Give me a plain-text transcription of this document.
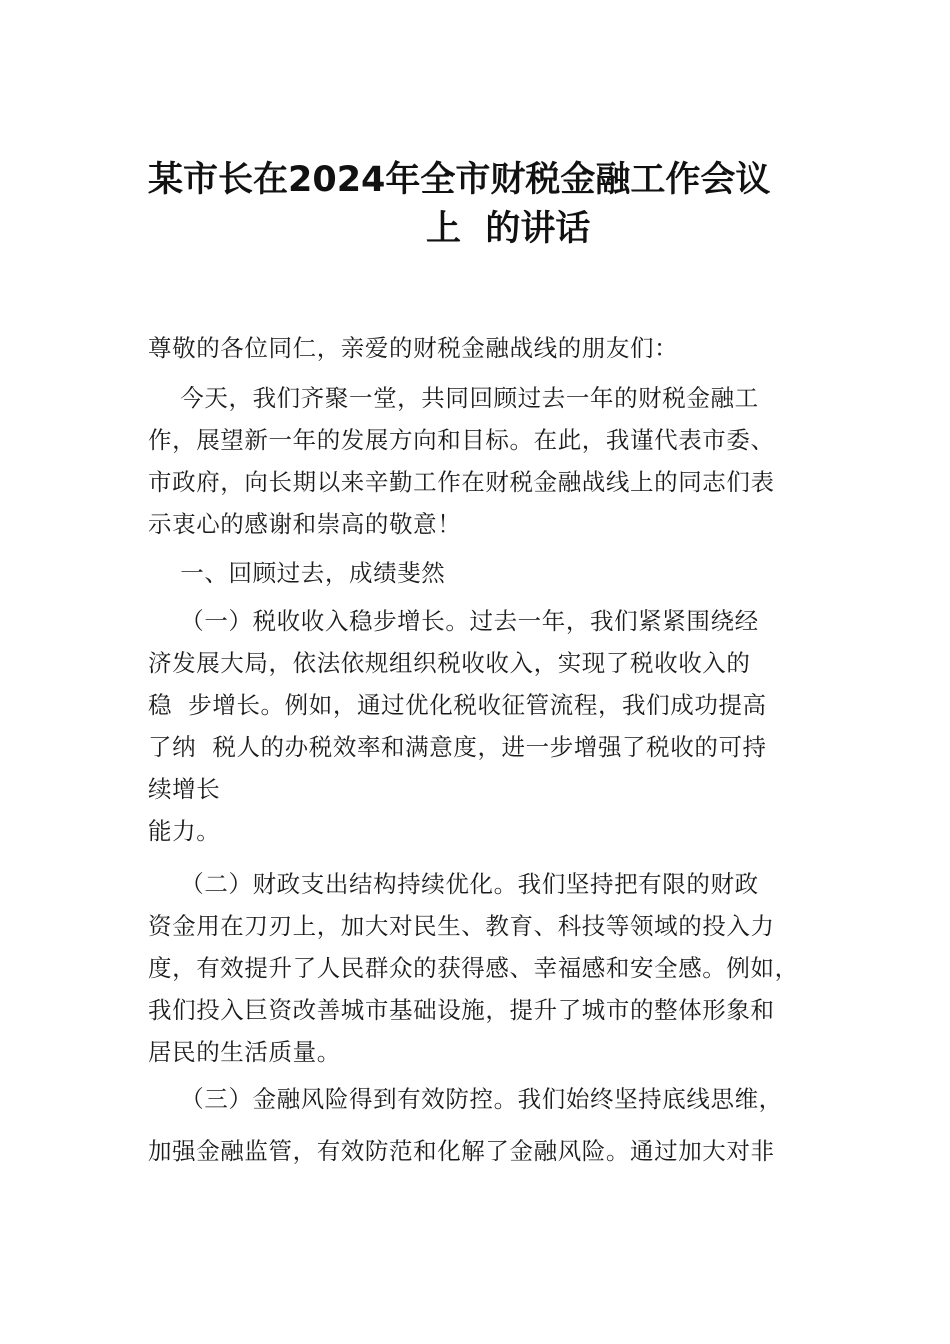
某市长在2024年全市财税金融工作会议
上  的讲话
尊敬的各位同仁，亲爱的财税金融战线的朋友们：
今天，我们齐聚一堂，共同回顾过去一年的财税金融工
作，展望新一年的发展方向和目标。在此，我谨代表市委、
市政府，向长期以来辛勤工作在财税金融战线上的同志们表
示衷心的感谢和崇高的敬意！
一、回顾过去，成绩斐然
（一）税收收入稳步增长。过去一年，我们紧紧围绕经
济发展大局，依法依规组织税收收入，实现了税收收入的
稳  步增长。例如，通过优化税收征管流程，我们成功提高
了纳  税人的办税效率和满意度，进一步增强了税收的可持
续增长
能力。
（二）财政支出结构持续优化。我们坚持把有限的财政
资金用在刀刃上，加大对民生、教育、科技等领域的投入力
度，有效提升了人民群众的获得感、幸福感和安全感。例如，
我们投入巨资改善城市基础设施，提升了城市的整体形象和
居民的生活质量。
（三）金融风险得到有效防控。我们始终坚持底线思维，
加强金融监管，有效防范和化解了金融风险。通过加大对非
